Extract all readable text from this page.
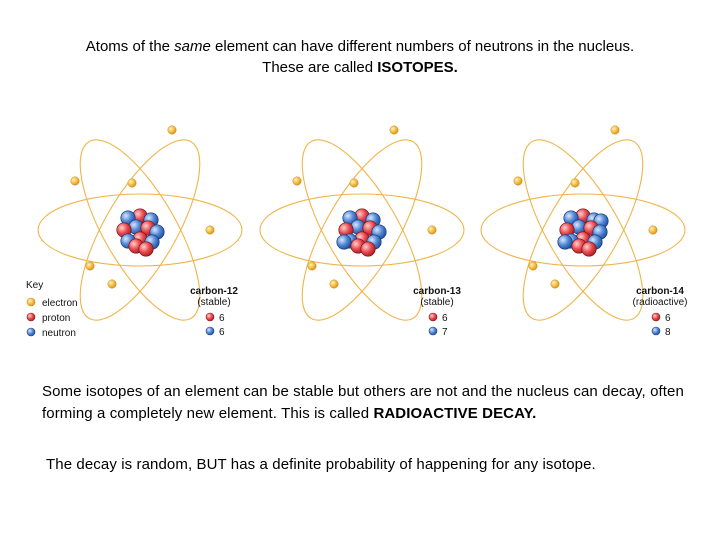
Atoms of the same element can have different numbers of neutrons in the nucleus.
These are called ISOTOPES.
Key
electron
proton
neutron
carbon-12
(stable)
6
6
carbon-13
(stable)
6
7
carbon-14
(radioactive)
6
8
Some isotopes of an element can be stable but others are not and the nucleus can decay, often forming a completely new element. This is called RADIOACTIVE DECAY.
The decay is random, BUT has a definite probability of happening for any isotope.
